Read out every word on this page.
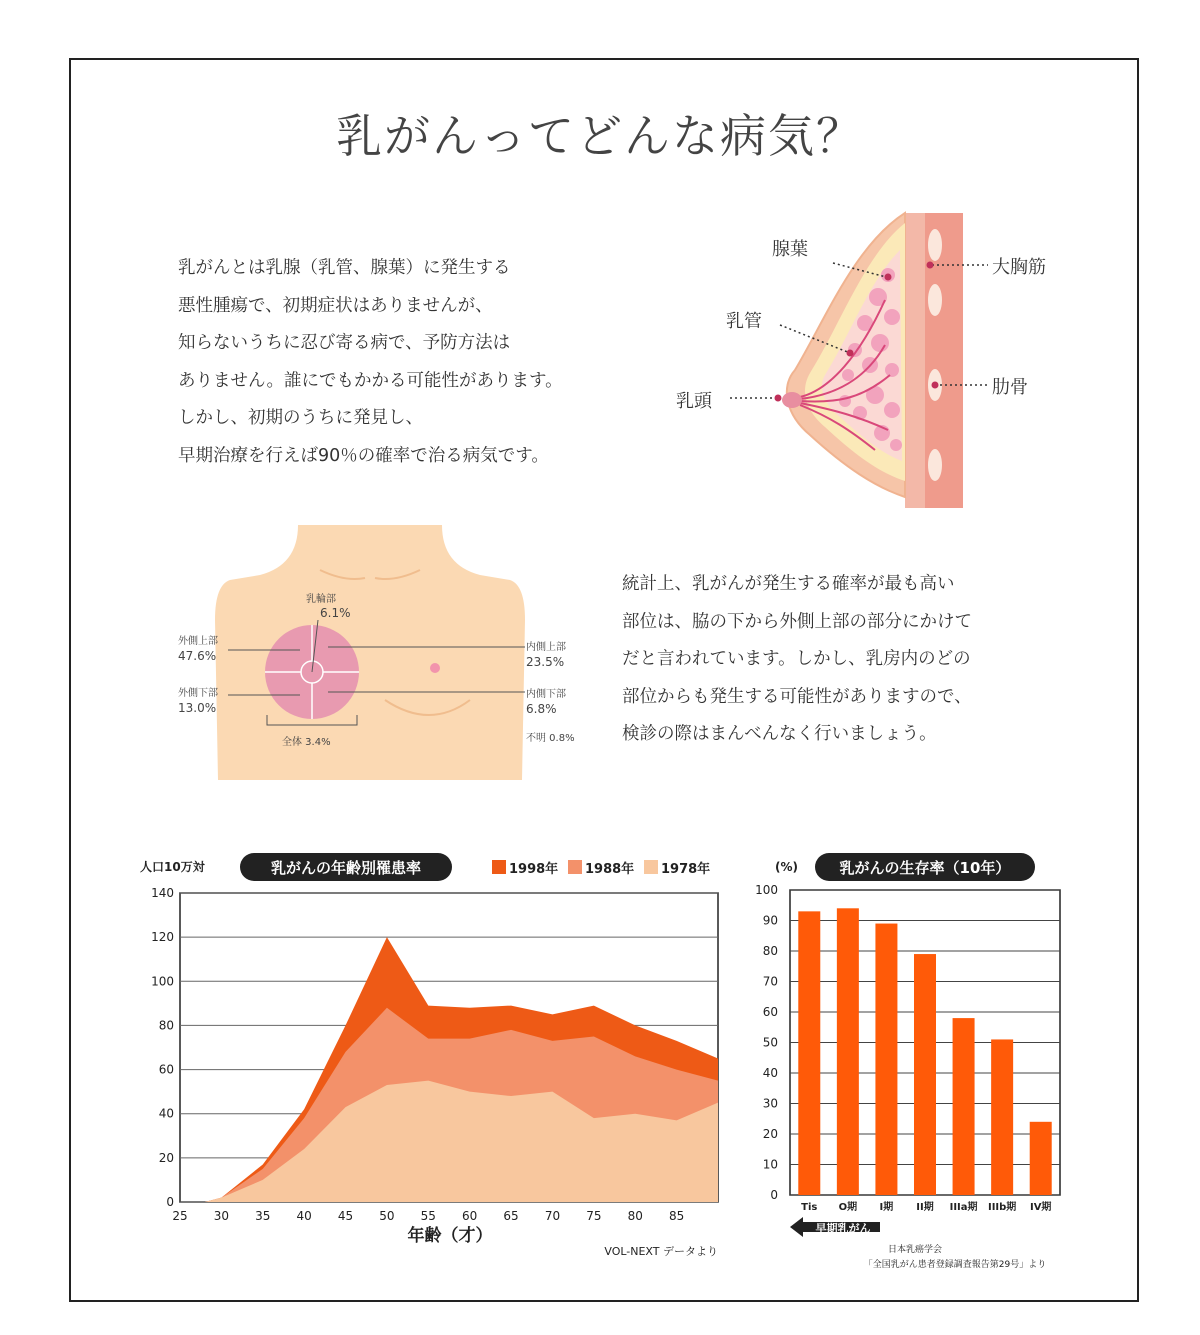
乳がんってどんな病気？
乳がんとは乳腺（乳管、腺葉）に発生する
悪性腫瘍で、初期症状はありませんが、
知らないうちに忍び寄る病で、予防方法は
ありません。誰にでもかかる可能性があります。
しかし、初期のうちに発見し、
早期治療を行えば90％の確率で治る病気です。
腺葉
乳管
乳頭
大胸筋
肋骨
乳輪部
6.1%
外側上部
47.6%
外側下部
13.0%
内側上部
23.5%
内側下部
6.8%
全体 3.4%	不明 0.8%
統計上、乳がんが発生する確率が最も高い
部位は、脇の下から外側上部の部分にかけて
だと言われています。しかし、乳房内のどの
部位からも発生する可能性がありますので、
検診の際はまんべんなく行いましょう。
人口10万対	乳がんの年齢別罹患率	1998年 1988年 1978年
0
20
40
60
80
100
120
140
25 30 35 40 45 50 55 60 65 70 75 80 85
年齢（才）
VOL-NEXT データより
(%)	乳がんの生存率（10年）
0
10
20
30
40
50
60
70
80
90
100
Tis O期 I期 II期 IIIa期 IIIb期 IV期
早期乳がん
日本乳癌学会
「全国乳がん患者登録調査報告第29号」より
